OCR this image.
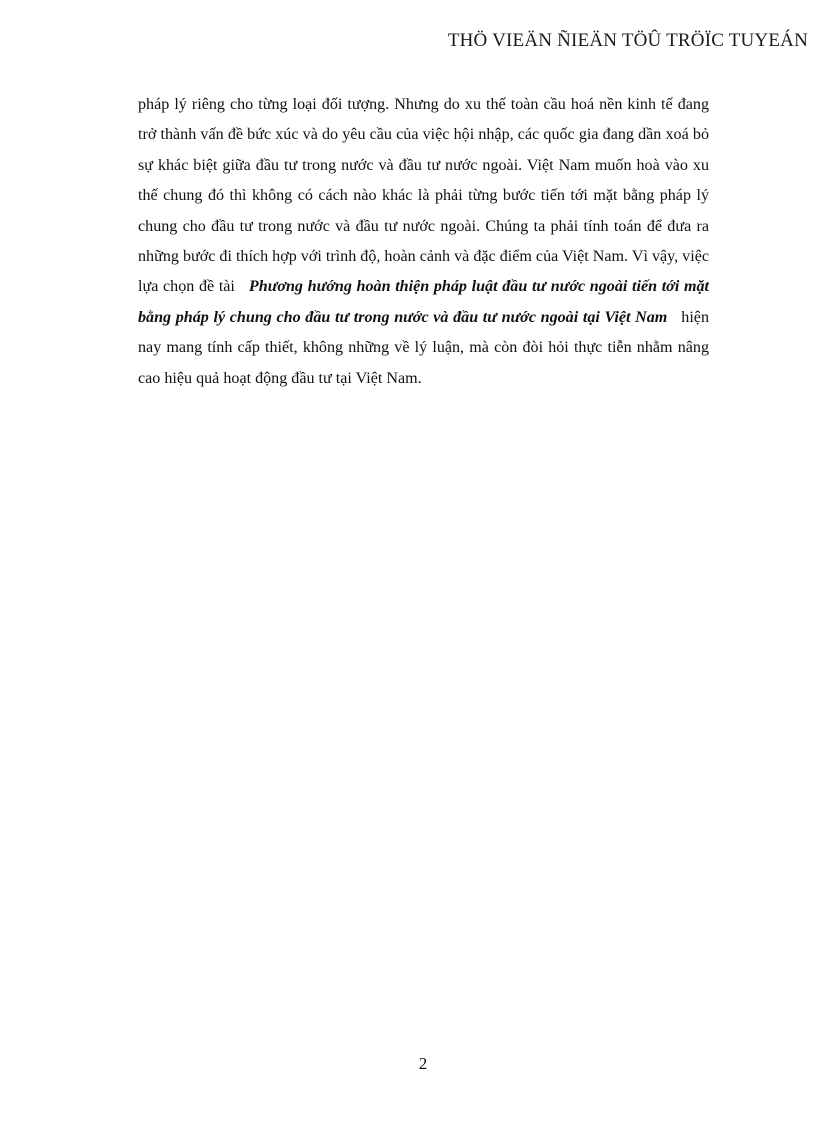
THÖ VIEÄN ÑIEÄN TÖÛ TRÖÏC TUYEÁN

pháp lý riêng cho từng loại đối tượng. Nhưng do xu thế toàn cầu hoá nền kinh tế đang trở thành vấn đề bức xúc và do yêu cầu của việc hội nhập, các quốc gia đang dần xoá bỏ sự khác biệt giữa đầu tư trong nước và đầu tư nước ngoài. Việt Nam muốn hoà vào xu thế chung đó thì không có cách nào khác là phải từng bước tiến tới mặt bằng pháp lý chung cho đầu tư trong nước và đầu tư nước ngoài. Chúng ta phải tính toán để đưa ra những bước đi thích hợp với trình độ, hoàn cảnh và đặc điểm của Việt Nam. Vì vậy, việc lựa chọn đề tài Phương hướng hoàn thiện pháp luật đầu tư nước ngoài tiến tới mặt bằng pháp lý chung cho đầu tư trong nước và đầu tư nước ngoài tại Việt Nam hiện nay mang tính cấp thiết, không những về lý luận, mà còn đòi hỏi thực tiễn nhằm nâng cao hiệu quả hoạt động đầu tư tại Việt Nam.

2
